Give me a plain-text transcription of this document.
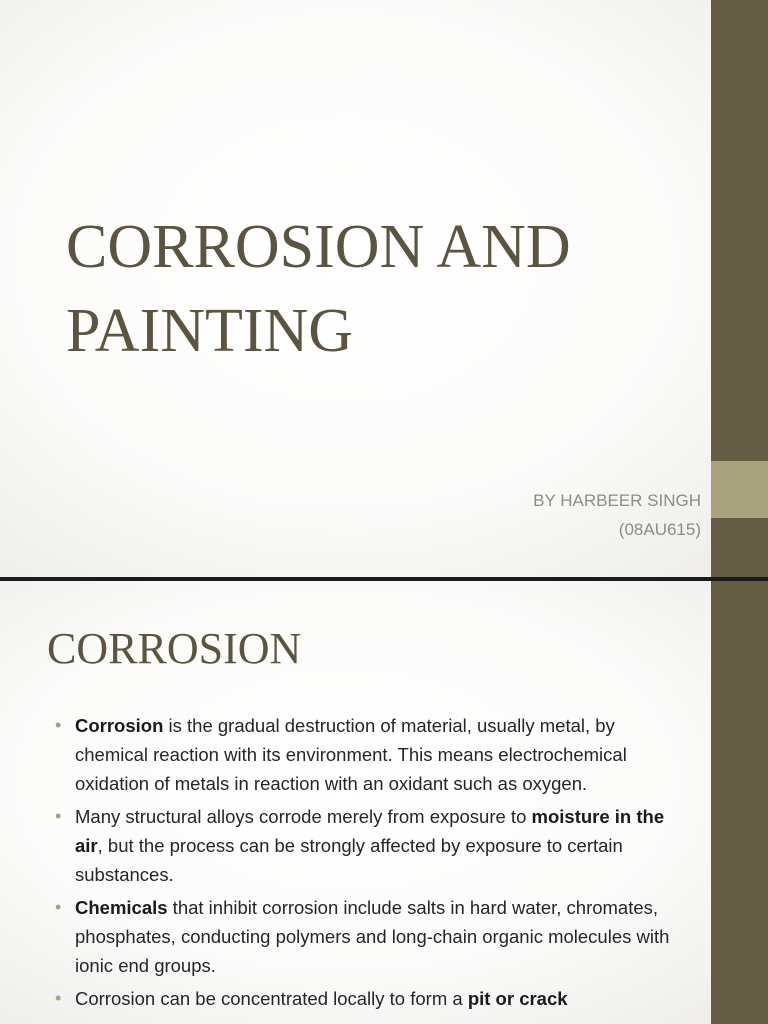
CORROSION AND
PAINTING
BY HARBEER SINGH
(08AU615)
CORROSION
• Corrosion is the gradual destruction of material, usually metal, by chemical reaction with its environment. This means electrochemical oxidation of metals in reaction with an oxidant such as oxygen.
• Many structural alloys corrode merely from exposure to moisture in the air, but the process can be strongly affected by exposure to certain substances.
• Chemicals that inhibit corrosion include salts in hard water, chromates, phosphates, conducting polymers and long-chain organic molecules with ionic end groups.
• Corrosion can be concentrated locally to form a pit or crack
